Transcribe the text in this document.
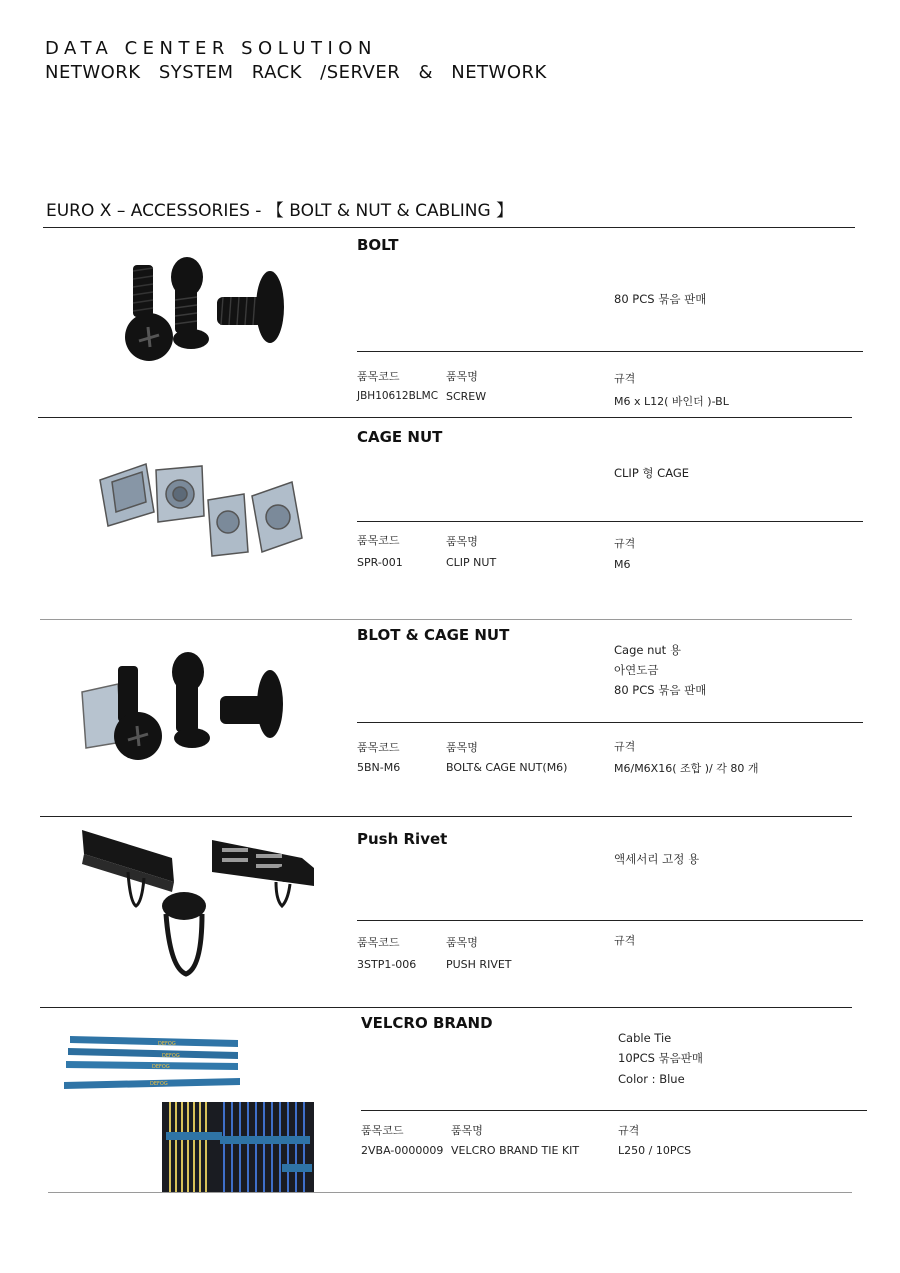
DATA CENTER SOLUTION
NETWORK SYSTEM RACK /SERVER & NETWORK
EURO X – ACCESSORIES - 【 BOLT & NUT & CABLING 】
BOLT
80 PCS 묶음 판매
품목코드	품목명	규격
JBH10612BLMC SCREW	M6 x L12( 바인더 )-BL
CAGE NUT
CLIP 형 CAGE
품목코드	품목명	규격
SPR-001	CLIP NUT	M6
BLOT & CAGE NUT
Cage nut 용
아연도금
80 PCS 묶음 판매
품목코드	품목명	규격
5BN-M6	BOLT& CAGE NUT(M6)	M6/M6X16( 조합 )/ 각 80 개
Push Rivet
액세서리 고정 용
품목코드	품목명	규격
3STP1-006	PUSH RIVET
DEFOG
DEFOG
DEFOG
DEFOG
VELCRO BRAND
Cable Tie
10PCS 묶음판매
Color : Blue
품목코드	품목명	규격
2VBA-0000009 VELCRO BRAND TIE KIT	L250 / 10PCS
